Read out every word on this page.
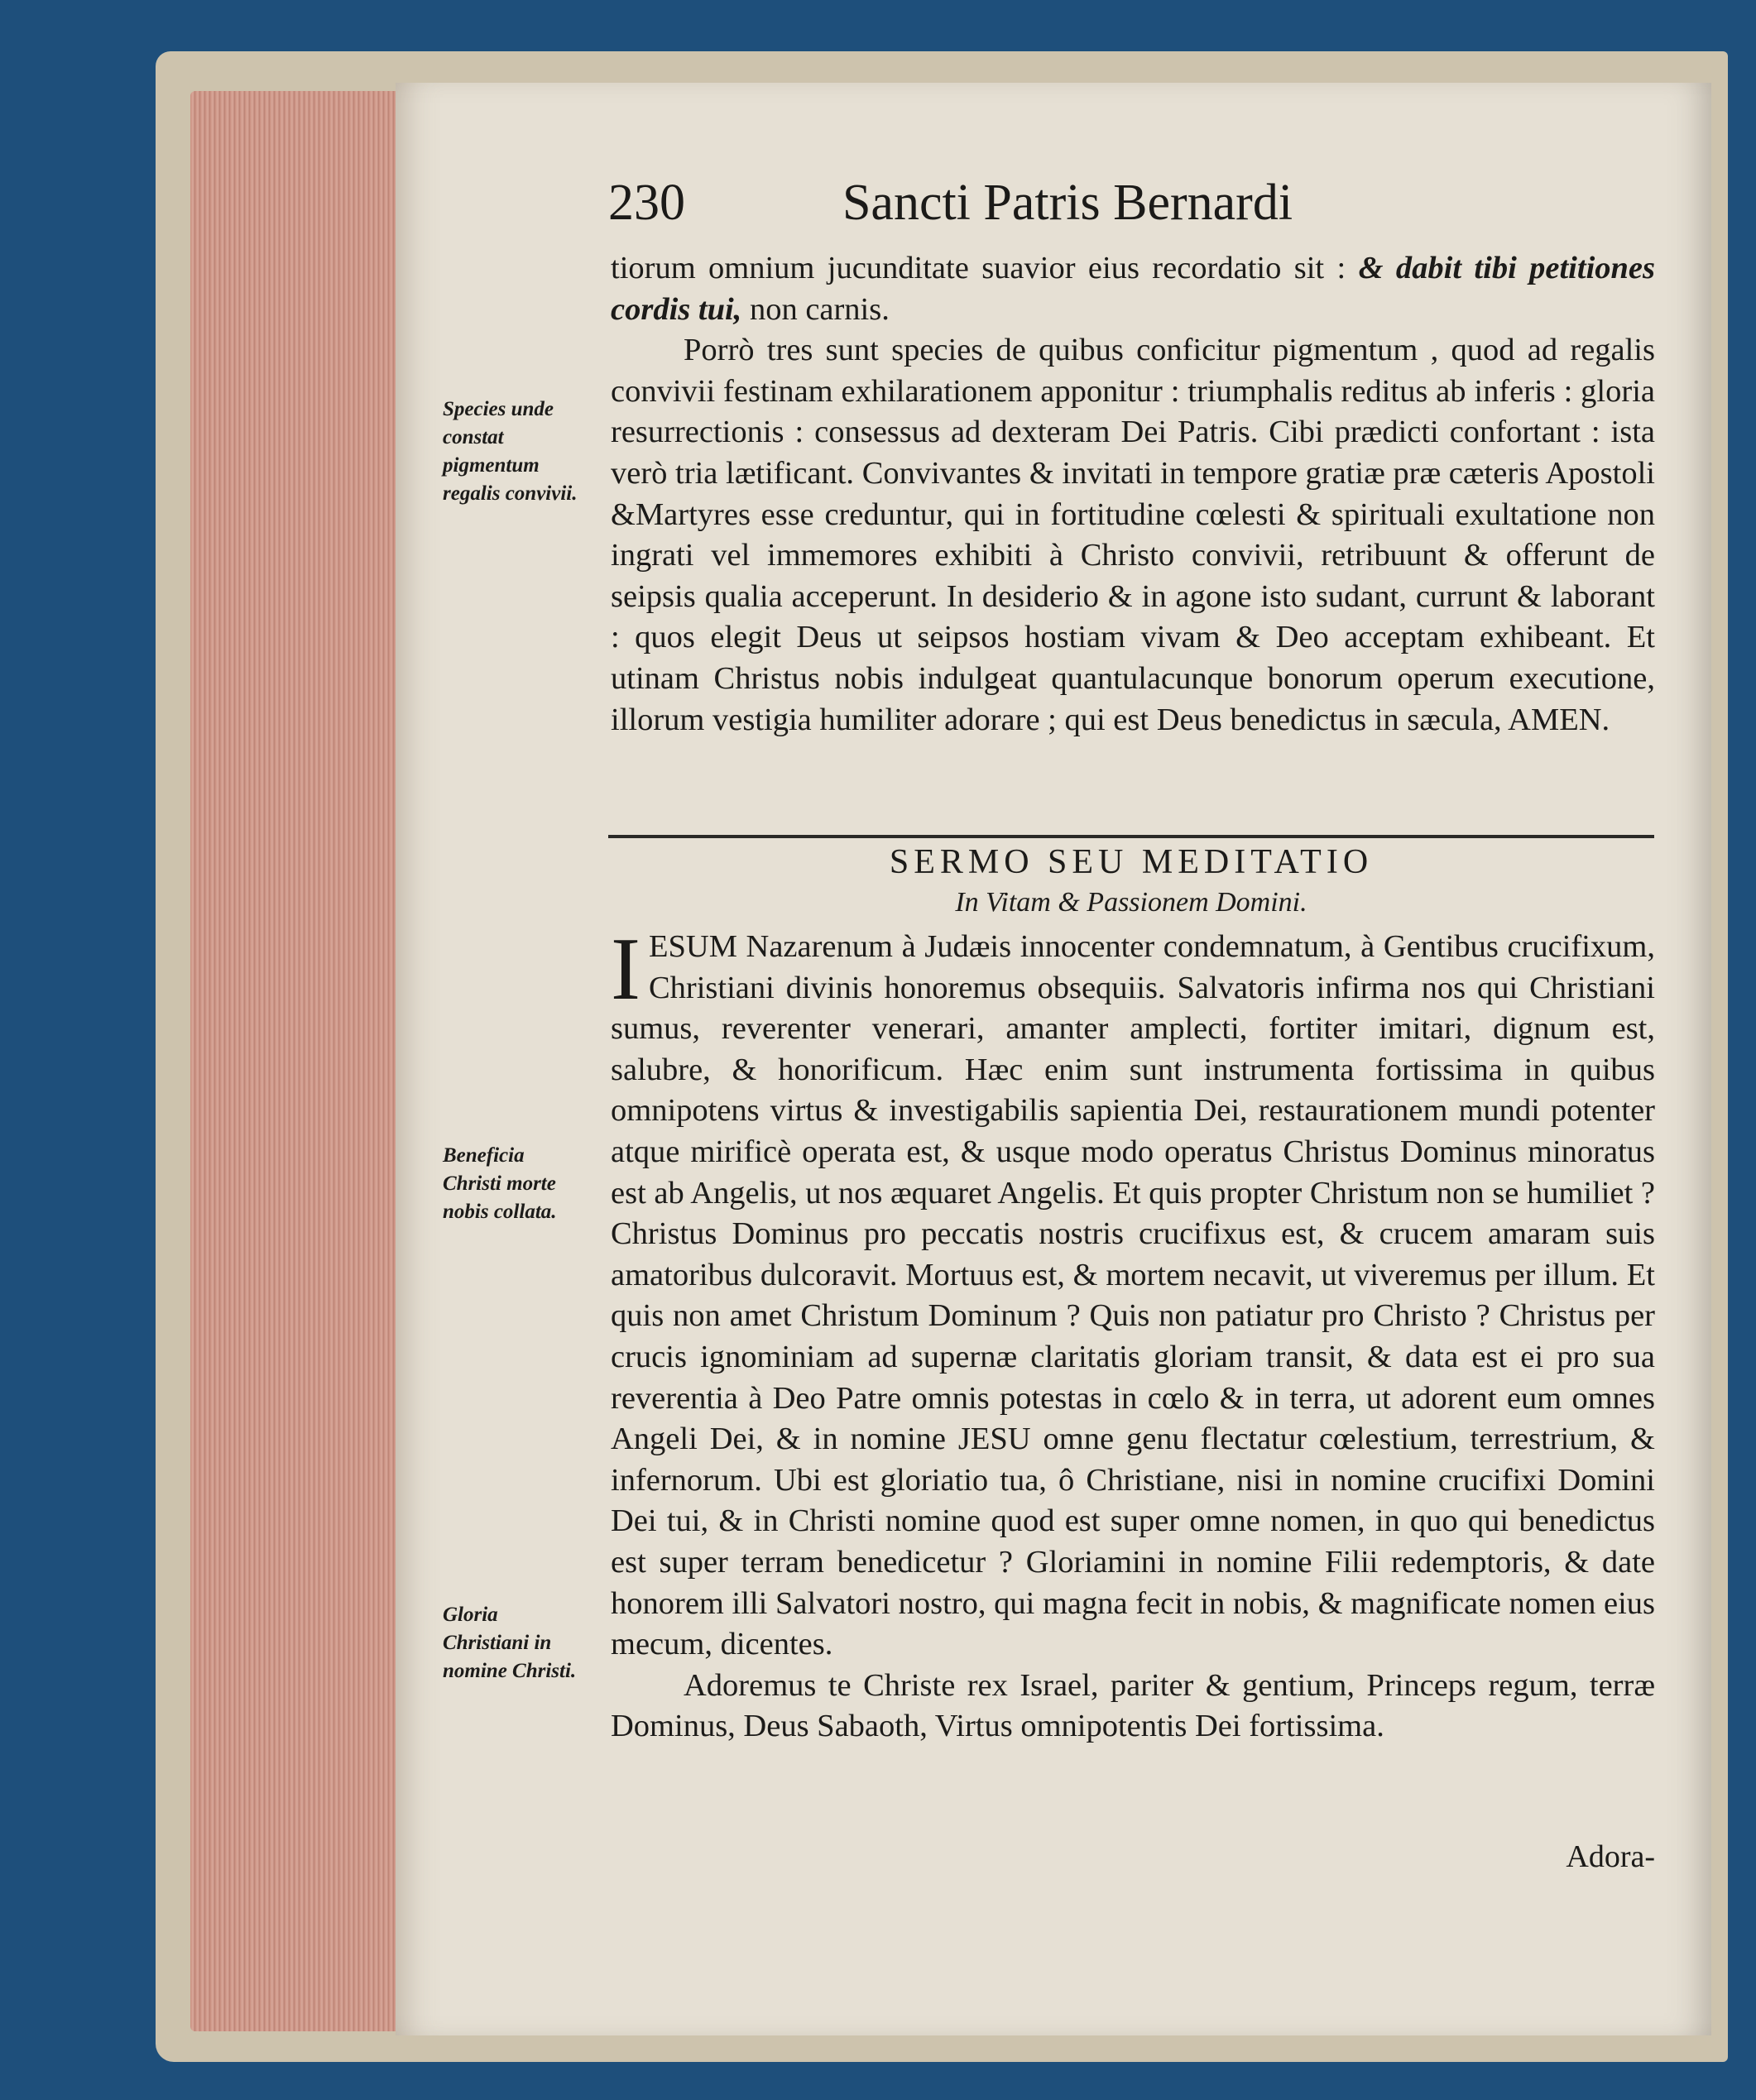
230	Sancti Patris Bernardi

tiorum omnium jucunditate suavior eius recordatio sit : & dabit tibi petitiones cordis tui, non carnis.

Porrò tres sunt species de quibus conficitur pigmentum , quod ad regalis convivii festinam exhilarationem apponitur : triumphalis reditus ab inferis : gloria resurrectionis : consessus ad dexteram Dei Patris. Cibi prædicti confortant : ista verò tria lætificant. Convivantes & invitati in tempore gratiæ præ cæteris Apostoli &Martyres esse creduntur, qui in fortitudine cœlesti & spirituali exultatione non ingrati vel immemores exhibiti à Christo convivii, retribuunt & offerunt de seipsis qualia acceperunt. In desiderio & in agone isto sudant, currunt & laborant : quos elegit Deus ut seipsos hostiam vivam & Deo acceptam exhibeant. Et utinam Christus nobis indulgeat quantulacunque bonorum operum executione, illorum vestigia humiliter adorare ; qui est Deus benedictus in sæcula, AMEN.

SERMO SEU MEDITATIO
In Vitam & Passionem Domini.

IESUM Nazarenum à Judæis innocenter condemnatum, à Gentibus crucifixum, Christiani divinis honoremus obsequiis. Salvatoris infirma nos qui Christiani sumus, reverenter venerari, amanter amplecti, fortiter imitari, dignum est, salubre, & honorificum. Hæc enim sunt instrumenta fortissima in quibus omnipotens virtus & investigabilis sapientia Dei, restaurationem mundi potenter atque mirificè operata est, & usque modo operatus Christus Dominus minoratus est ab Angelis, ut nos æquaret Angelis. Et quis propter Christum non se humiliet ? Christus Dominus pro peccatis nostris crucifixus est, & crucem amaram suis amatoribus dulcoravit. Mortuus est, & mortem necavit, ut viveremus per illum. Et quis non amet Christum Dominum ? Quis non patiatur pro Christo ? Christus per crucis ignominiam ad supernæ claritatis gloriam transit, & data est ei pro sua reverentia à Deo Patre omnis potestas in cœlo & in terra, ut adorent eum omnes Angeli Dei, & in nomine JESU omne genu flectatur cœlestium, terrestrium, & infernorum. Ubi est gloriatio tua, ô Christiane, nisi in nomine crucifixi Domini Dei tui, & in Christi nomine quod est super omne nomen, in quo qui benedictus est super terram benedicetur ? Gloriamini in nomine Filii redemptoris, & date honorem illi Salvatori nostro, qui magna fecit in nobis, & magnificate nomen eius mecum, dicentes.

Adoremus te Christe rex Israel, pariter & gentium, Princeps regum, terræ Dominus, Deus Sabaoth, Virtus omnipotentis Dei fortissima.

Adora-
Species unde constat pigmentum regalis convivii.
Beneficia Christi morte nobis collata.
Gloria Christiani in nomine Christi.
